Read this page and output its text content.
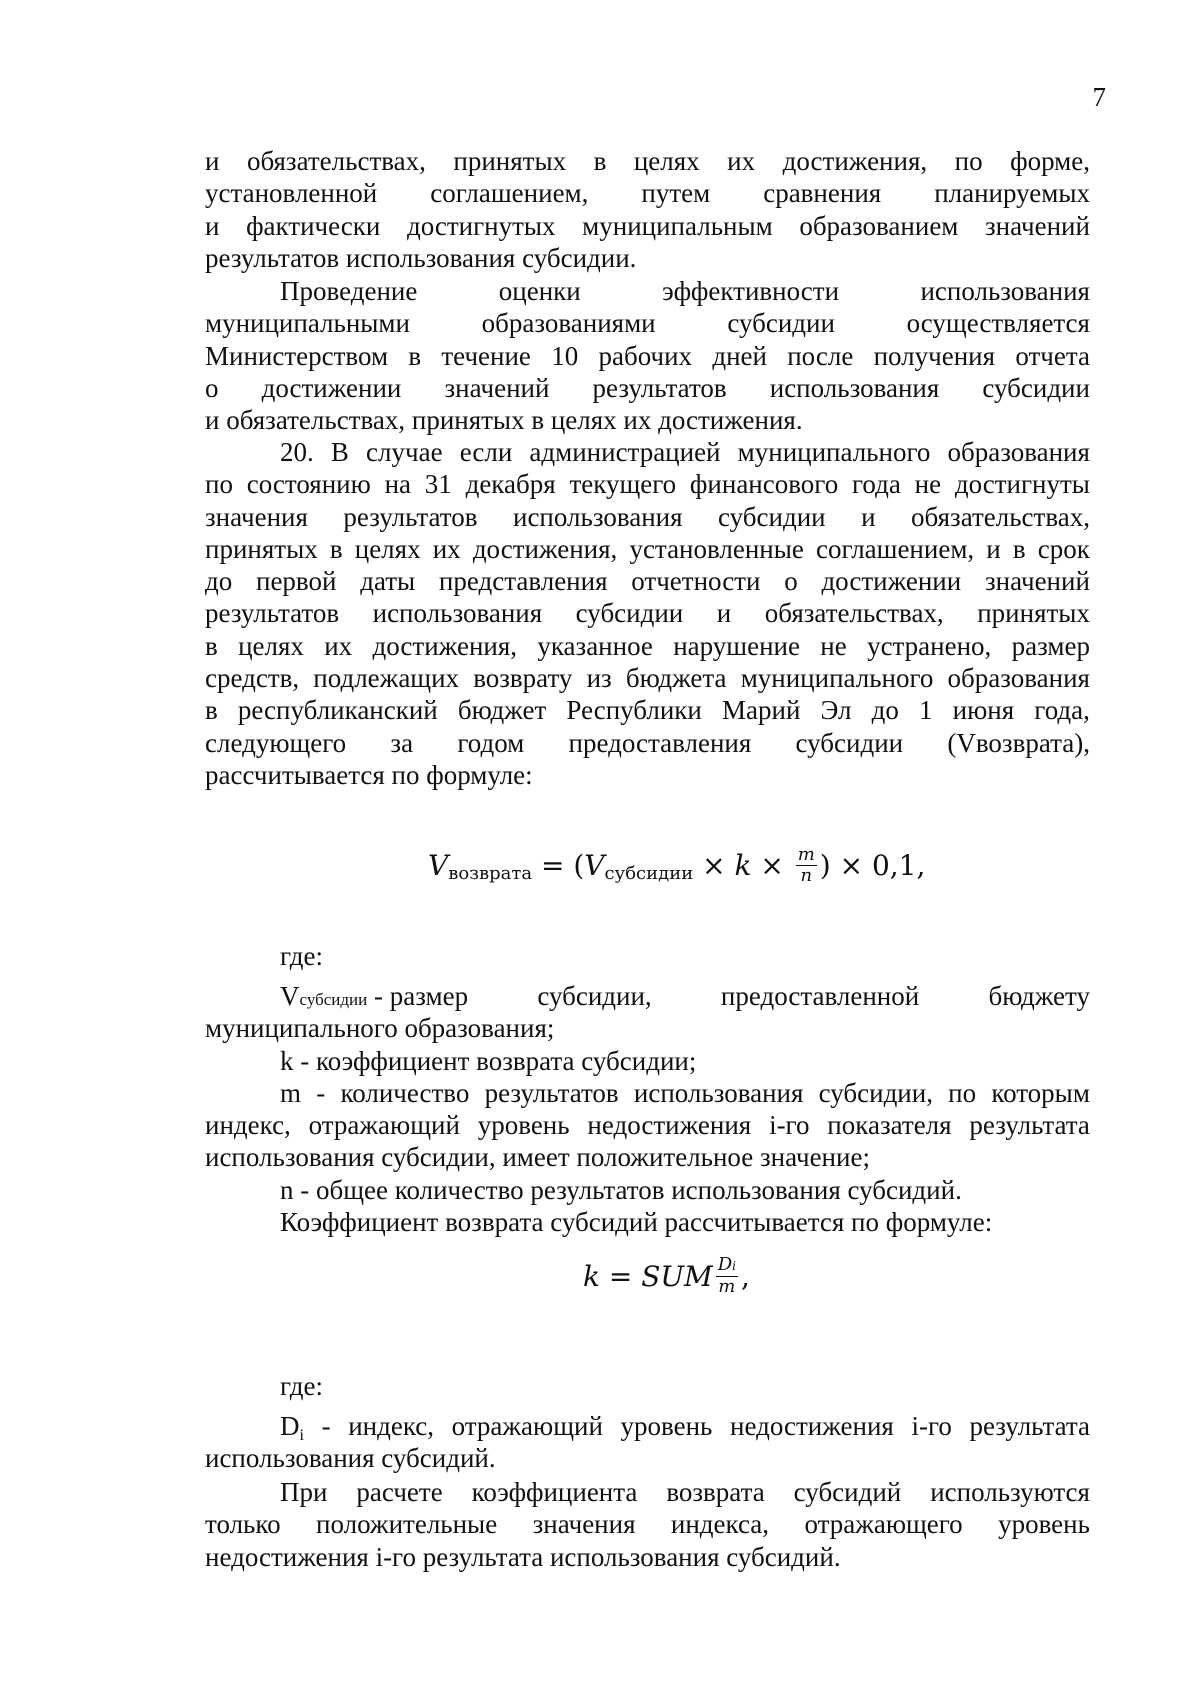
7
и обязательствах, принятых в целях их достижения, по форме,
установленной соглашением, путем сравнения планируемых
и фактически достигнутых муниципальным образованием значений
результатов использования субсидии.
Проведение	оценки	эффективности	использования
муниципальными	образованиями	субсидии	осуществляется
Министерством в течение 10 рабочих дней после получения отчета
о достижении значений результатов использования субсидии
и обязательствах, принятых в целях их достижения.
20. В случае если администрацией муниципального образования
по состоянию на 31 декабря текущего финансового года не достигнуты
значения результатов использования субсидии и обязательствах,
принятых в целях их достижения, установленные соглашением, и в срок
до первой даты представления отчетности о достижении значений
результатов использования субсидии и обязательствах, принятых
в целях их достижения, указанное нарушение не устранено, размер
средств, подлежащих возврату из бюджета муниципального образования
в республиканский бюджет Республики Марий Эл до 1 июня года,
следующего за годом предоставления субсидии (Vвозврата),
рассчитывается по формуле:
V возврата = ( V субсидии × $k \times \frac{m}{n}$ ) × 0,1,
где:
Vсубсидии - размер	субсидии,	предоставленной	бюджету
муниципального образования;
k - коэффициент возврата субсидии;
m - количество результатов использования субсидии, по которым
индекс, отражающий уровень недостижения i-го показателя результата
использования субсидии, имеет положительное значение;
n - общее количество результатов использования субсидий.
Коэффициент возврата субсидий рассчитывается по формуле:
k = SUM $\frac{Di}{m}$ ,
где:
Di - индекс, отражающий уровень недостижения i-го результата
использования субсидий.
При расчете коэффициента возврата субсидий используются
только положительные значения индекса, отражающего уровень
недостижения i-го результата использования субсидий.
